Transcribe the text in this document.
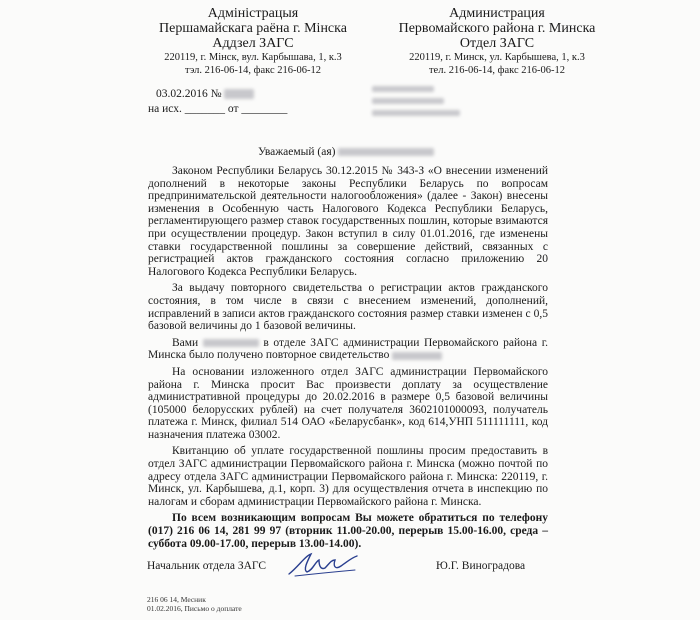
Адміністрацыя
Першамайскага раёна г. Мінска
Аддзел ЗАГС
220119, г. Мінск, вул. Карбышава, 1, к.3
тэл. 216-06-14, факс 216-06-12
Администрация
Первомайского района г. Минска
Отдел ЗАГС
220119, г. Минск, ул. Карбышева, 1, к.3
тел. 216-06-14, факс 216-06-12
03.02.2016 №
на исх. _______ от ________
Уважаемый (ая)

Законом Республики Беларусь 30.12.2015 № 343-З «О внесении изменений дополнений в некоторые законы Республики Беларусь по вопросам предпринимательской деятельности налогообложения» (далее - Закон) внесены изменения в Особенную часть Налогового Кодекса Республики Беларусь, регламентирующего размер ставок государственных пошлин, которые взимаются при осуществлении процедур. Закон вступил в силу 01.01.2016, где изменены ставки государственной пошлины за совершение действий, связанных с регистрацией актов гражданского состояния согласно приложению 20 Налогового Кодекса Республики Беларусь.

За выдачу повторного свидетельства о регистрации актов гражданского состояния, в том числе в связи с внесением изменений, дополнений, исправлений в записи актов гражданского состояния размер ставки изменен с 0,5 базовой величины до 1 базовой величины.

Вами	в отделе ЗАГС администрации Первомайского района г. Минска было получено повторное свидетельство

На основании изложенного отдел ЗАГС администрации Первомайского района г. Минска просит Вас произвести доплату за осуществление административной процедуры до 20.02.2016 в размере 0,5 базовой величины (105000 белорусских рублей) на счет получателя 3602101000093, получатель платежа г. Минск, филиал 514 ОАО «Беларусбанк», код 614,УНП 511111111, код назначения платежа 03002.

Квитанцию об уплате государственной пошлины просим предоставить в отдел ЗАГС администрации Первомайского района г. Минска (можно почтой по адресу отдела ЗАГС администрации Первомайского района г. Минска: 220119, г. Минск, ул. Карбышева, д.1, корп. 3) для осуществления отчета в инспекцию по налогам и сборам администрации Первомайского района г. Минска.

По всем возникающим вопросам Вы можете обратиться по телефону (017) 216 06 14, 281 99 97 (вторник 11.00-20.00, перерыв 15.00-16.00, среда – суббота 09.00-17.00, перерыв 13.00-14.00).

Начальник отдела ЗАГС	Ю.Г. Виноградова
216 06 14, Месник
01.02.2016, Письмо о доплате
